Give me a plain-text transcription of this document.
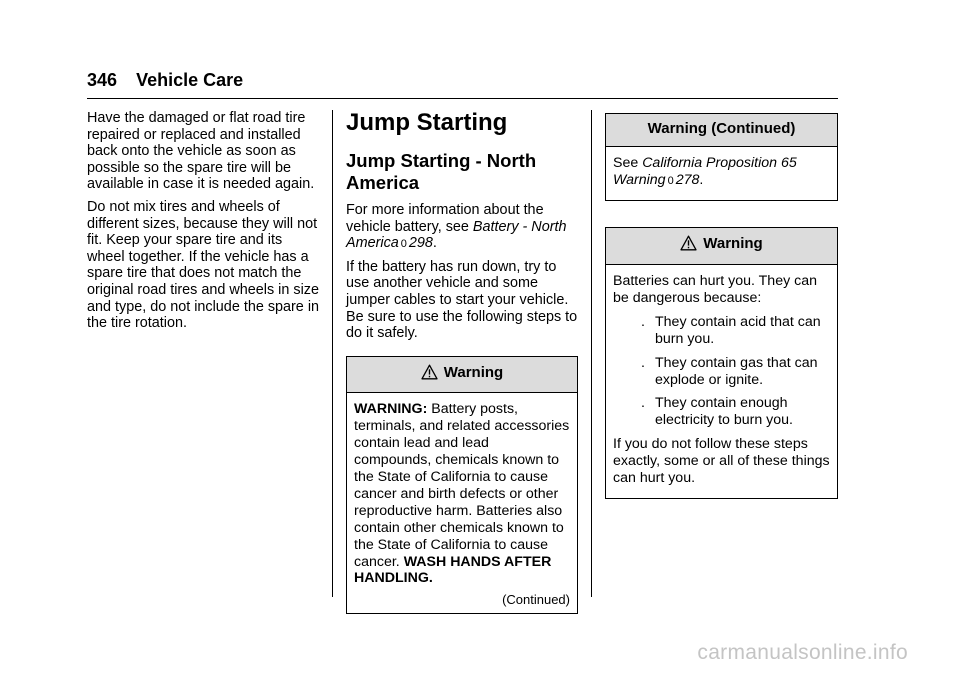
346 Vehicle Care

Have the damaged or flat road tire repaired or replaced and installed back onto the vehicle as soon as possible so the spare tire will be available in case it is needed again.

Do not mix tires and wheels of different sizes, because they will not fit. Keep your spare tire and its wheel together. If the vehicle has a spare tire that does not match the original road tires and wheels in size and type, do not include the spare in the tire rotation.

Jump Starting
Jump Starting - North America

For more information about the vehicle battery, see Battery - North America 0 298.

If the battery has run down, try to use another vehicle and some jumper cables to start your vehicle. Be sure to use the following steps to do it safely.

Warning

WARNING: Battery posts, terminals, and related accessories contain lead and lead compounds, chemicals known to the State of California to cause cancer and birth defects or other reproductive harm. Batteries also contain other chemicals known to the State of California to cause cancer. WASH HANDS AFTER HANDLING.

(Continued)
Warning (Continued)

See California Proposition 65 Warning 0 278.

Warning

Batteries can hurt you. They can be dangerous because:

. They contain acid that can burn you.
. They contain gas that can explode or ignite.
. They contain enough electricity to burn you.

If you do not follow these steps exactly, some or all of these things can hurt you.

carmanualsonline.info
